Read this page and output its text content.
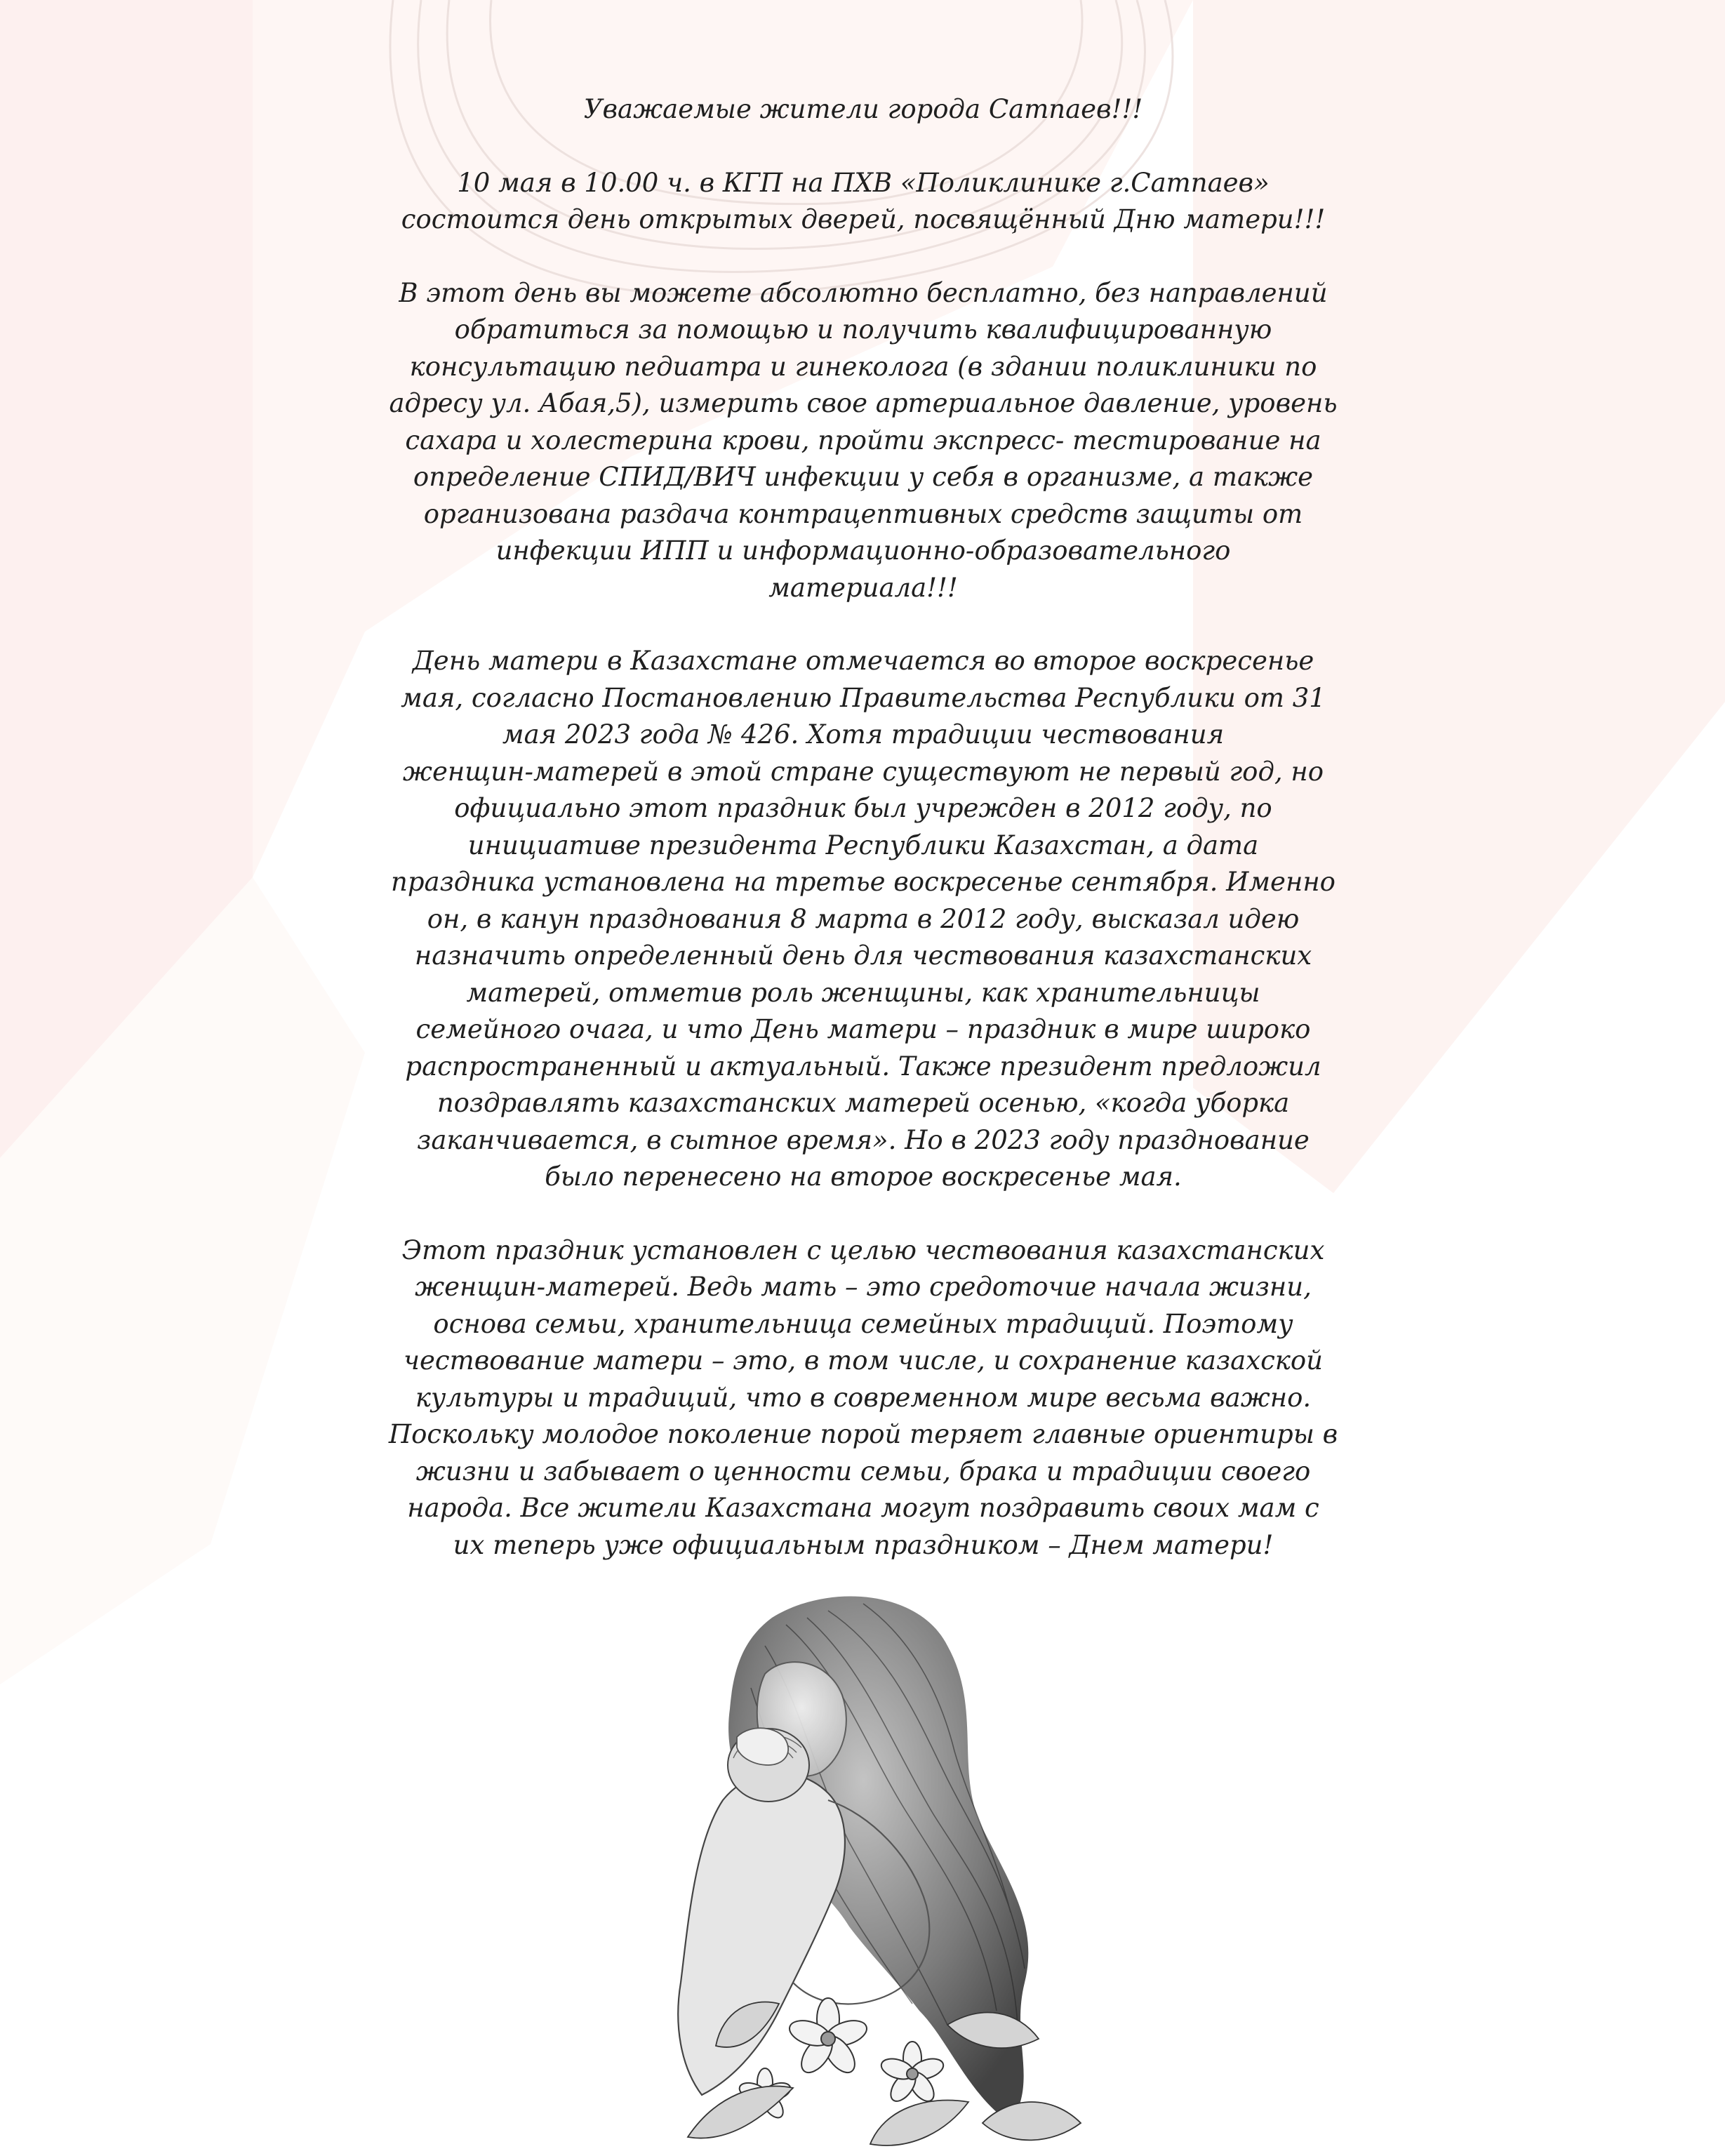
Уважаемые жители города Сатпаев!!!

10 мая в 10.00 ч. в КГП на ПХВ «Поликлинике г.Сатпаев»
состоится день открытых дверей, посвящённый Дню матери!!!

В этот день вы можете абсолютно бесплатно, без направлений
обратиться за помощью и получить квалифицированную
консультацию педиатра и гинеколога (в здании поликлиники по
адресу ул. Абая,5), измерить свое артериальное давление, уровень
сахара и холестерина крови, пройти экспресс- тестирование на
определение СПИД/ВИЧ инфекции у себя в организме, а также
организована раздача контрацептивных средств защиты от
инфекции ИПП и информационно-образовательного
материала!!!

День матери в Казахстане отмечается во второе воскресенье
мая, согласно Постановлению Правительства Республики от 31
мая 2023 года № 426. Хотя традиции чествования
женщин-матерей в этой стране существуют не первый год, но
официально этот праздник был учрежден в 2012 году, по
инициативе президента Республики Казахстан, а дата
праздника установлена на третье воскресенье сентября. Именно
он, в канун празднования 8 марта в 2012 году, высказал идею
назначить определенный день для чествования казахстанских
матерей, отметив роль женщины, как хранительницы
семейного очага, и что День матери – праздник в мире широко
распространенный и актуальный. Также президент предложил
поздравлять казахстанских матерей осенью, «когда уборка
заканчивается, в сытное время». Но в 2023 году празднование
было перенесено на второе воскресенье мая.

Этот праздник установлен с целью чествования казахстанских
женщин-матерей. Ведь мать – это средоточие начала жизни,
основа семьи, хранительница семейных традиций. Поэтому
чествование матери – это, в том числе, и сохранение казахской
культуры и традиций, что в современном мире весьма важно.
Поскольку молодое поколение порой теряет главные ориентиры в
жизни и забывает о ценности семьи, брака и традиции своего
народа. Все жители Казахстана могут поздравить своих мам с
их теперь уже официальным праздником – Днем матери!
